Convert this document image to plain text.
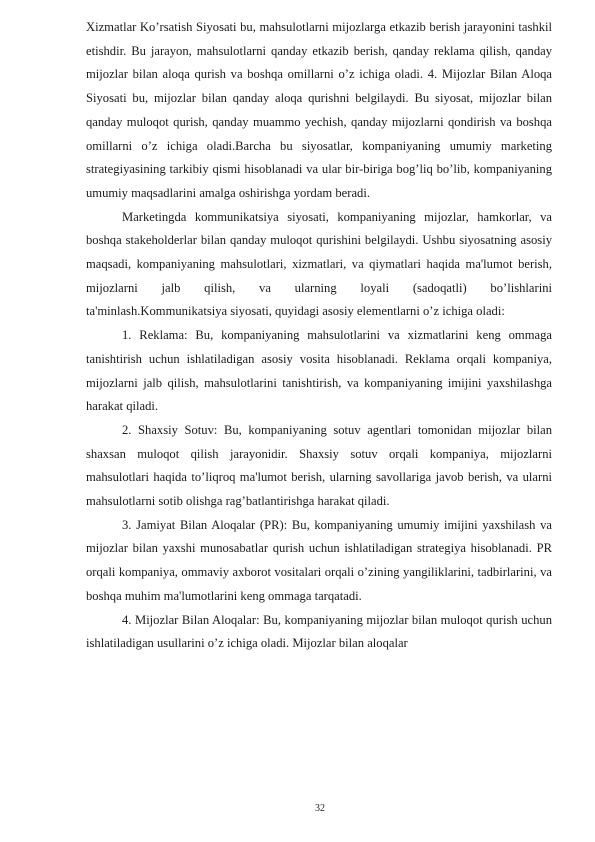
Xizmatlar Ko’rsatish Siyosati bu, mahsulotlarni mijozlarga etkazib berish jarayonini tashkil etishdir. Bu jarayon, mahsulotlarni qanday etkazib berish, qanday reklama qilish, qanday mijozlar bilan aloqa qurish va boshqa omillarni o’z ichiga oladi. 4. Mijozlar Bilan Aloqa Siyosati bu, mijozlar bilan qanday aloqa qurishni belgilaydi. Bu siyosat, mijozlar bilan qanday muloqot qurish, qanday muammo yechish, qanday mijozlarni qondirish va boshqa omillarni o’z ichiga oladi.Barcha bu siyosatlar, kompaniyaning umumiy marketing strategiyasining tarkibiy qismi hisoblanadi va ular bir-biriga bog’liq bo’lib, kompaniyaning umumiy maqsadlarini amalga oshirishga yordam beradi.

Marketingda kommunikatsiya siyosati, kompaniyaning mijozlar, hamkorlar, va boshqa stakeholderlar bilan qanday muloqot qurishini belgilaydi. Ushbu siyosatning asosiy maqsadi, kompaniyaning mahsulotlari, xizmatlari, va qiymatlari haqida ma'lumot berish, mijozlarni jalb qilish, va ularning loyali (sadoqatli) bo’lishlarini ta'minlash.Kommunikatsiya siyosati, quyidagi asosiy elementlarni o’z ichiga oladi:

1. Reklama: Bu, kompaniyaning mahsulotlarini va xizmatlarini keng ommaga tanishtirish uchun ishlatiladigan asosiy vosita hisoblanadi. Reklama orqali kompaniya, mijozlarni jalb qilish, mahsulotlarini tanishtirish, va kompaniyaning imijini yaxshilashga harakat qiladi.

2. Shaxsiy Sotuv: Bu, kompaniyaning sotuv agentlari tomonidan mijozlar bilan shaxsan muloqot qilish jarayonidir. Shaxsiy sotuv orqali kompaniya, mijozlarni mahsulotlari haqida to’liqroq ma'lumot berish, ularning savollariga javob berish, va ularni mahsulotlarni sotib olishga rag’batlantirishga harakat qiladi.

3. Jamiyat Bilan Aloqalar (PR): Bu, kompaniyaning umumiy imijini yaxshilash va mijozlar bilan yaxshi munosabatlar qurish uchun ishlatiladigan strategiya hisoblanadi. PR orqali kompaniya, ommaviy axborot vositalari orqali o’zining yangiliklarini, tadbirlarini, va boshqa muhim ma'lumotlarini keng ommaga tarqatadi.

4. Mijozlar Bilan Aloqalar: Bu, kompaniyaning mijozlar bilan muloqot qurish uchun ishlatiladigan usullarini o’z ichiga oladi. Mijozlar bilan aloqalar

32
